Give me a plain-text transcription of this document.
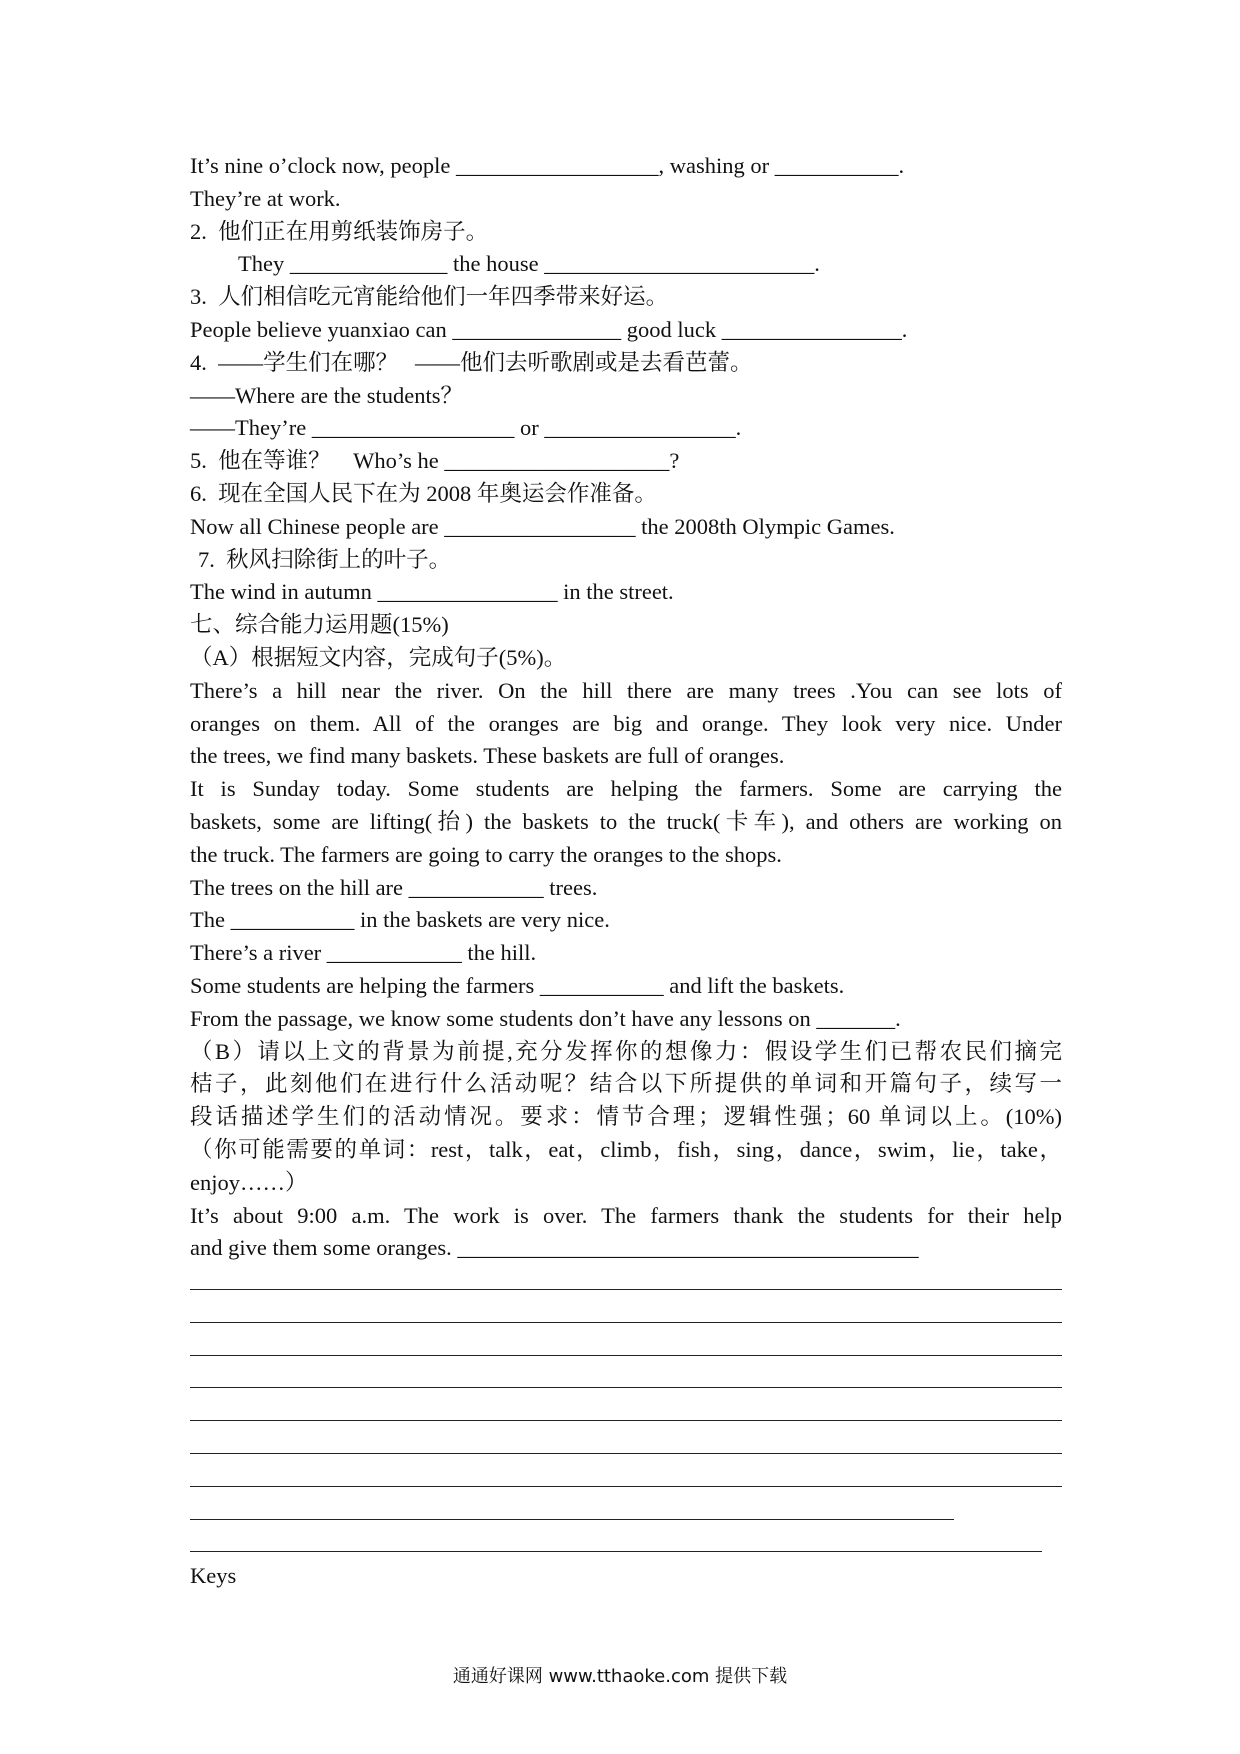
It’s nine o’clock now, people __________________, washing or ___________.
They’re at work.
2.  他们正在用剪纸装饰房子。
They ______________ the house ________________________.
3.  人们相信吃元宵能给他们一年四季带来好运。
People believe yuanxiao can _______________ good luck ________________.
4.  ——学生们在哪？   ——他们去听歌剧或是去看芭蕾。
——Where are the students？
——They’re __________________ or _________________.
5.  他在等谁？    Who’s he ____________________?
6.  现在全国人民下在为 2008 年奥运会作准备。
Now all Chinese people are _________________ the 2008th Olympic Games.
7.  秋风扫除街上的叶子。
The wind in autumn ________________ in the street.
七、综合能力运用题(15%)
（A）根据短文内容，完成句子(5%)。
There’s a hill near the river. On the hill there are many trees .You can see lots of
oranges on them. All of the oranges are big and orange. They look very nice. Under
the trees, we find many baskets. These baskets are full of oranges.
It is Sunday today. Some students are helping the farmers. Some are carrying the
baskets, some are lifting(抬) the baskets to the truck(卡车), and others are working on
the truck. The farmers are going to carry the oranges to the shops.
The trees on the hill are ____________ trees.
The ___________ in the baskets are very nice.
There’s a river ____________ the hill.
Some students are helping the farmers ___________ and lift the baskets.
From the passage, we know some students don’t have any lessons on _______.
（B）请以上文的背景为前提,充分发挥你的想像力：假设学生们已帮农民们摘完
桔子，此刻他们在进行什么活动呢？结合以下所提供的单词和开篇句子，续写一
段话描述学生们的活动情况。要求：情节合理；逻辑性强；60 单词以上。(10%)
（你可能需要的单词：rest，talk，eat，climb，fish，sing，dance，swim，lie，take，
enjoy……）
It’s about 9:00 a.m. The work is over. The farmers thank the students for their help
and give them some oranges. _________________________________________
Keys
通通好课网 www.tthaoke.com 提供下载
